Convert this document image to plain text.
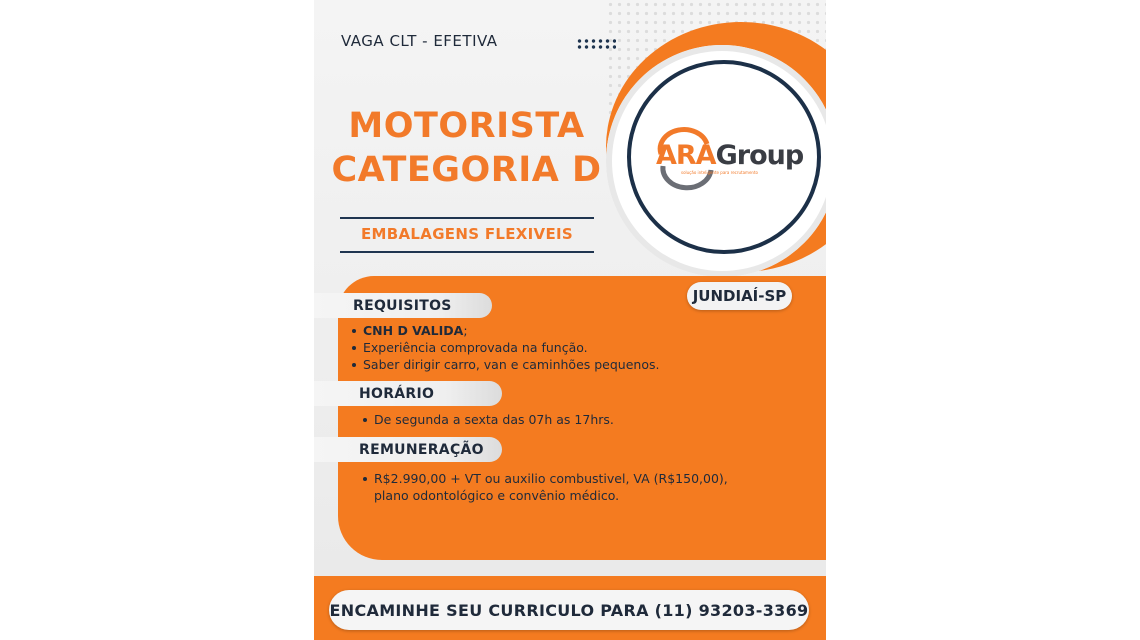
VAGA CLT - EFETIVA

MOTORISTA
CATEGORIA D

EMBALAGENS FLEXIVEIS

ARAGroup

solução inteligente para recrutamento

JUNDIAÍ-SP
REQUISITOS
CNH D VALIDA;
Experiência comprovada na função.
Saber dirigir carro, van e caminhões pequenos.
HORÁRIO
De segunda a sexta das 07h as 17hrs.
REMUNERAÇÃO
R$2.990,00 + VT ou auxilio combustivel, VA (R$150,00), plano odontológico e convênio médico.
ENCAMINHE SEU CURRICULO PARA (11) 93203-3369
